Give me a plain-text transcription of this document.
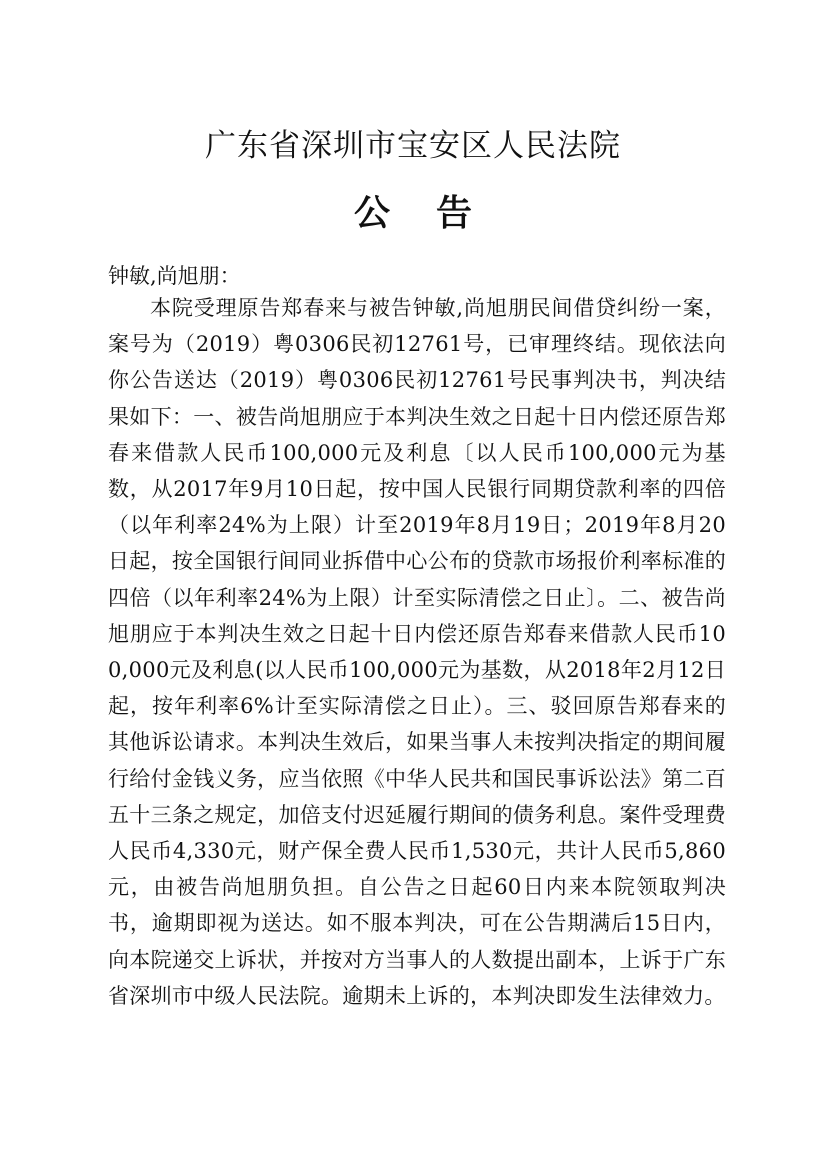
广东省深圳市宝安区人民法院
公 告
钟敏,尚旭朋：

本院受理原告郑春来与被告钟敏,尚旭朋民间借贷纠纷一案，案号为（2019）粤0306民初12761号，已审理终结。现依法向你公告送达（2019）粤0306民初12761号民事判决书，判决结果如下：一、被告尚旭朋应于本判决生效之日起十日内偿还原告郑春来借款人民币100,000元及利息〔以人民币100,000元为基数，从2017年9月10日起，按中国人民银行同期贷款利率的四倍（以年利率24%为上限）计至2019年8月19日；2019年8月20日起，按全国银行间同业拆借中心公布的贷款市场报价利率标准的四倍（以年利率24%为上限）计至实际清偿之日止〕。二、被告尚旭朋应于本判决生效之日起十日内偿还原告郑春来借款人民币100,000元及利息(以人民币100,000元为基数，从2018年2月12日起，按年利率6%计至实际清偿之日止）。三、驳回原告郑春来的其他诉讼请求。本判决生效后，如果当事人未按判决指定的期间履行给付金钱义务，应当依照《中华人民共和国民事诉讼法》第二百五十三条之规定，加倍支付迟延履行期间的债务利息。案件受理费人民币4,330元，财产保全费人民币1,530元，共计人民币5,860元，由被告尚旭朋负担。自公告之日起60日内来本院领取判决书，逾期即视为送达。如不服本判决，可在公告期满后15日内，向本院递交上诉状，并按对方当事人的人数提出副本，上诉于广东省深圳市中级人民法院。逾期未上诉的，本判决即发生法律效力。
